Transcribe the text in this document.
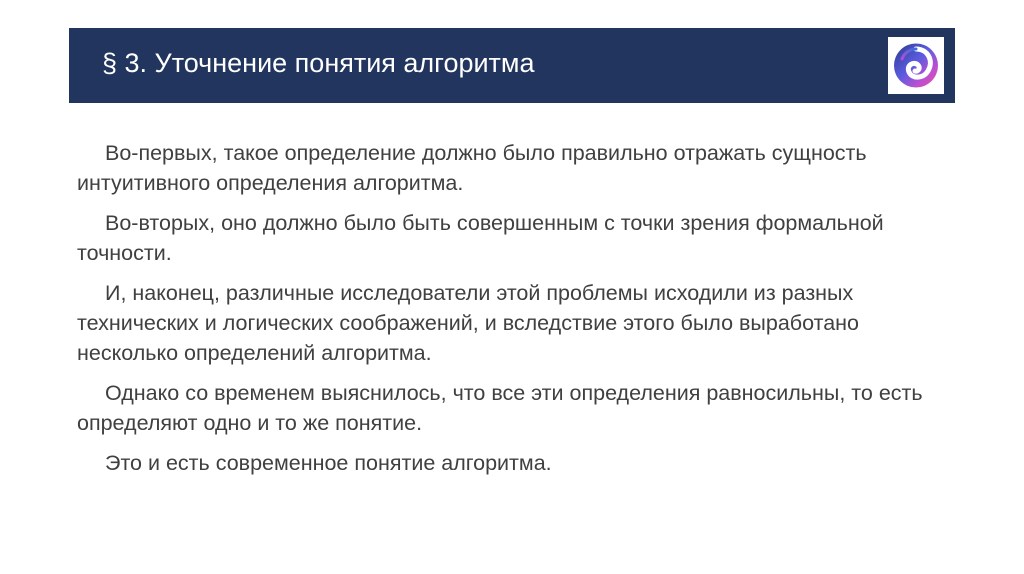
§ 3. Уточнение понятия алгоритма

Во-первых, такое определение должно было правильно отражать сущность интуитивного определения алгоритма.

Во-вторых, оно должно было быть совершенным с точки зрения формальной точности.

И, наконец, различные исследователи этой проблемы исходили из разных технических и логических соображений, и вследствие этого было выработано несколько определений алгоритма.

Однако со временем выяснилось, что все эти определения равносильны, то есть определяют одно и то же понятие.

Это и есть современное понятие алгоритма.
